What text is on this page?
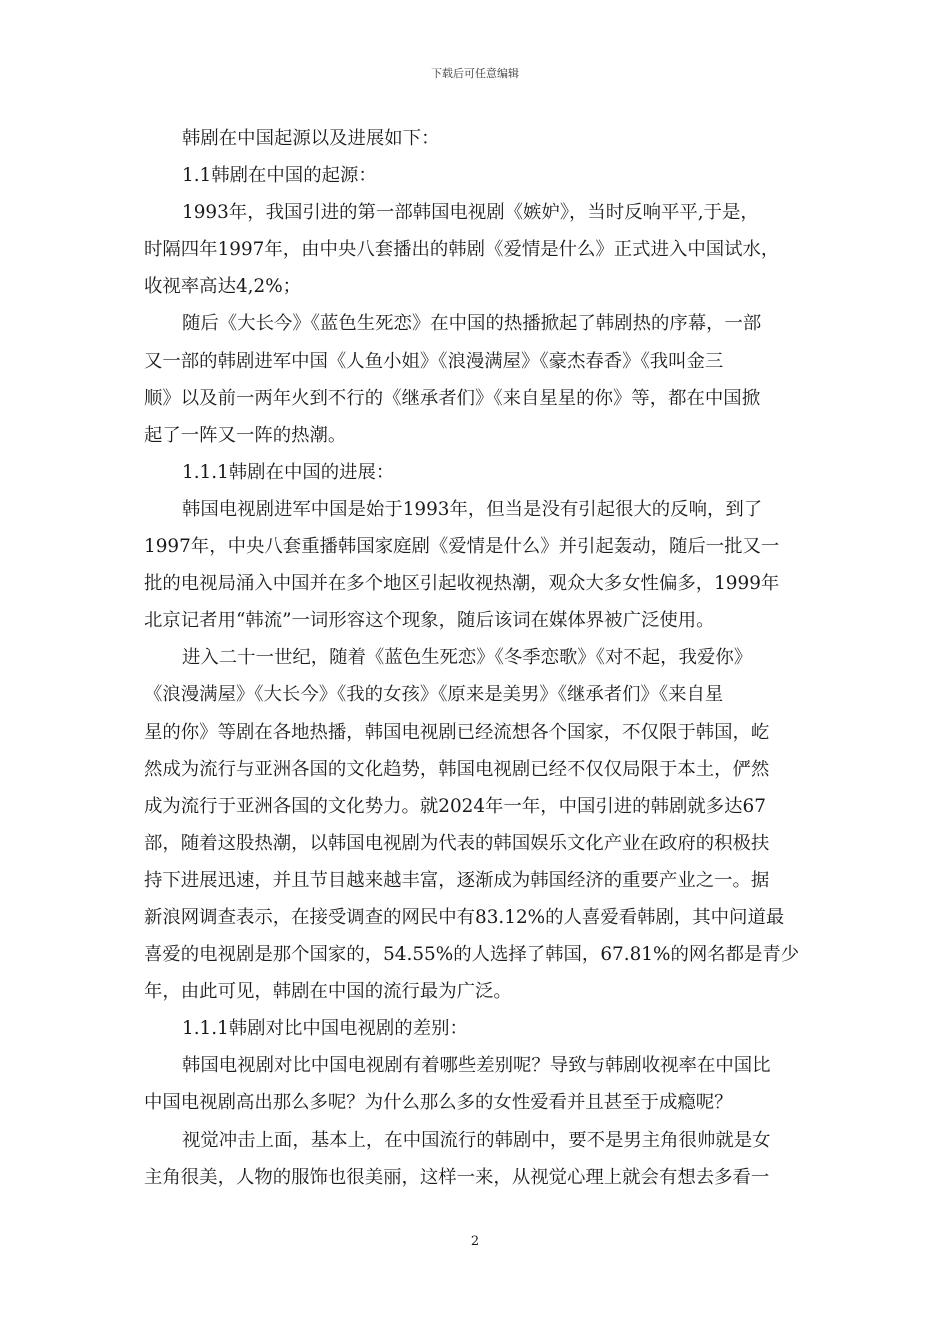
下载后可任意编辑
韩剧在中国起源以及进展如下：
1.1韩剧在中国的起源：
1993年，我国引进的第一部韩国电视剧《嫉妒》，当时反响平平,于是，
时隔四年1997年，由中央八套播出的韩剧《爱情是什么》正式进入中国试水，
收视率高达4,2%；
随后《大长今》《蓝色生死恋》在中国的热播掀起了韩剧热的序幕，一部
又一部的韩剧进军中国《人鱼小姐》《浪漫满屋》《豪杰春香》《我叫金三
顺》以及前一两年火到不行的《继承者们》《来自星星的你》等，都在中国掀
起了一阵又一阵的热潮。
1.1.1韩剧在中国的进展：
韩国电视剧进军中国是始于1993年，但当是没有引起很大的反响，到了
1997年，中央八套重播韩国家庭剧《爱情是什么》并引起轰动，随后一批又一
批的电视局涌入中国并在多个地区引起收视热潮，观众大多女性偏多，1999年
北京记者用“韩流”一词形容这个现象，随后该词在媒体界被广泛使用。
进入二十一世纪，随着《蓝色生死恋》《冬季恋歌》《对不起，我爱你》
《浪漫满屋》《大长今》《我的女孩》《原来是美男》《继承者们》《来自星
星的你》等剧在各地热播，韩国电视剧已经流想各个国家，不仅限于韩国，屹
然成为流行与亚洲各国的文化趋势，韩国电视剧已经不仅仅局限于本土，俨然
成为流行于亚洲各国的文化势力。就2024年一年，中国引进的韩剧就多达67
部，随着这股热潮，以韩国电视剧为代表的韩国娱乐文化产业在政府的积极扶
持下进展迅速，并且节目越来越丰富，逐渐成为韩国经济的重要产业之一。据
新浪网调查表示，在接受调查的网民中有83.12%的人喜爱看韩剧，其中问道最
喜爱的电视剧是那个国家的，54.55%的人选择了韩国，67.81%的网名都是青少
年，由此可见，韩剧在中国的流行最为广泛。
1.1.1韩剧对比中国电视剧的差别：
韩国电视剧对比中国电视剧有着哪些差别呢？导致与韩剧收视率在中国比
中国电视剧高出那么多呢？为什么那么多的女性爱看并且甚至于成瘾呢？
视觉冲击上面，基本上，在中国流行的韩剧中，要不是男主角很帅就是女
主角很美，人物的服饰也很美丽，这样一来，从视觉心理上就会有想去多看一
2
